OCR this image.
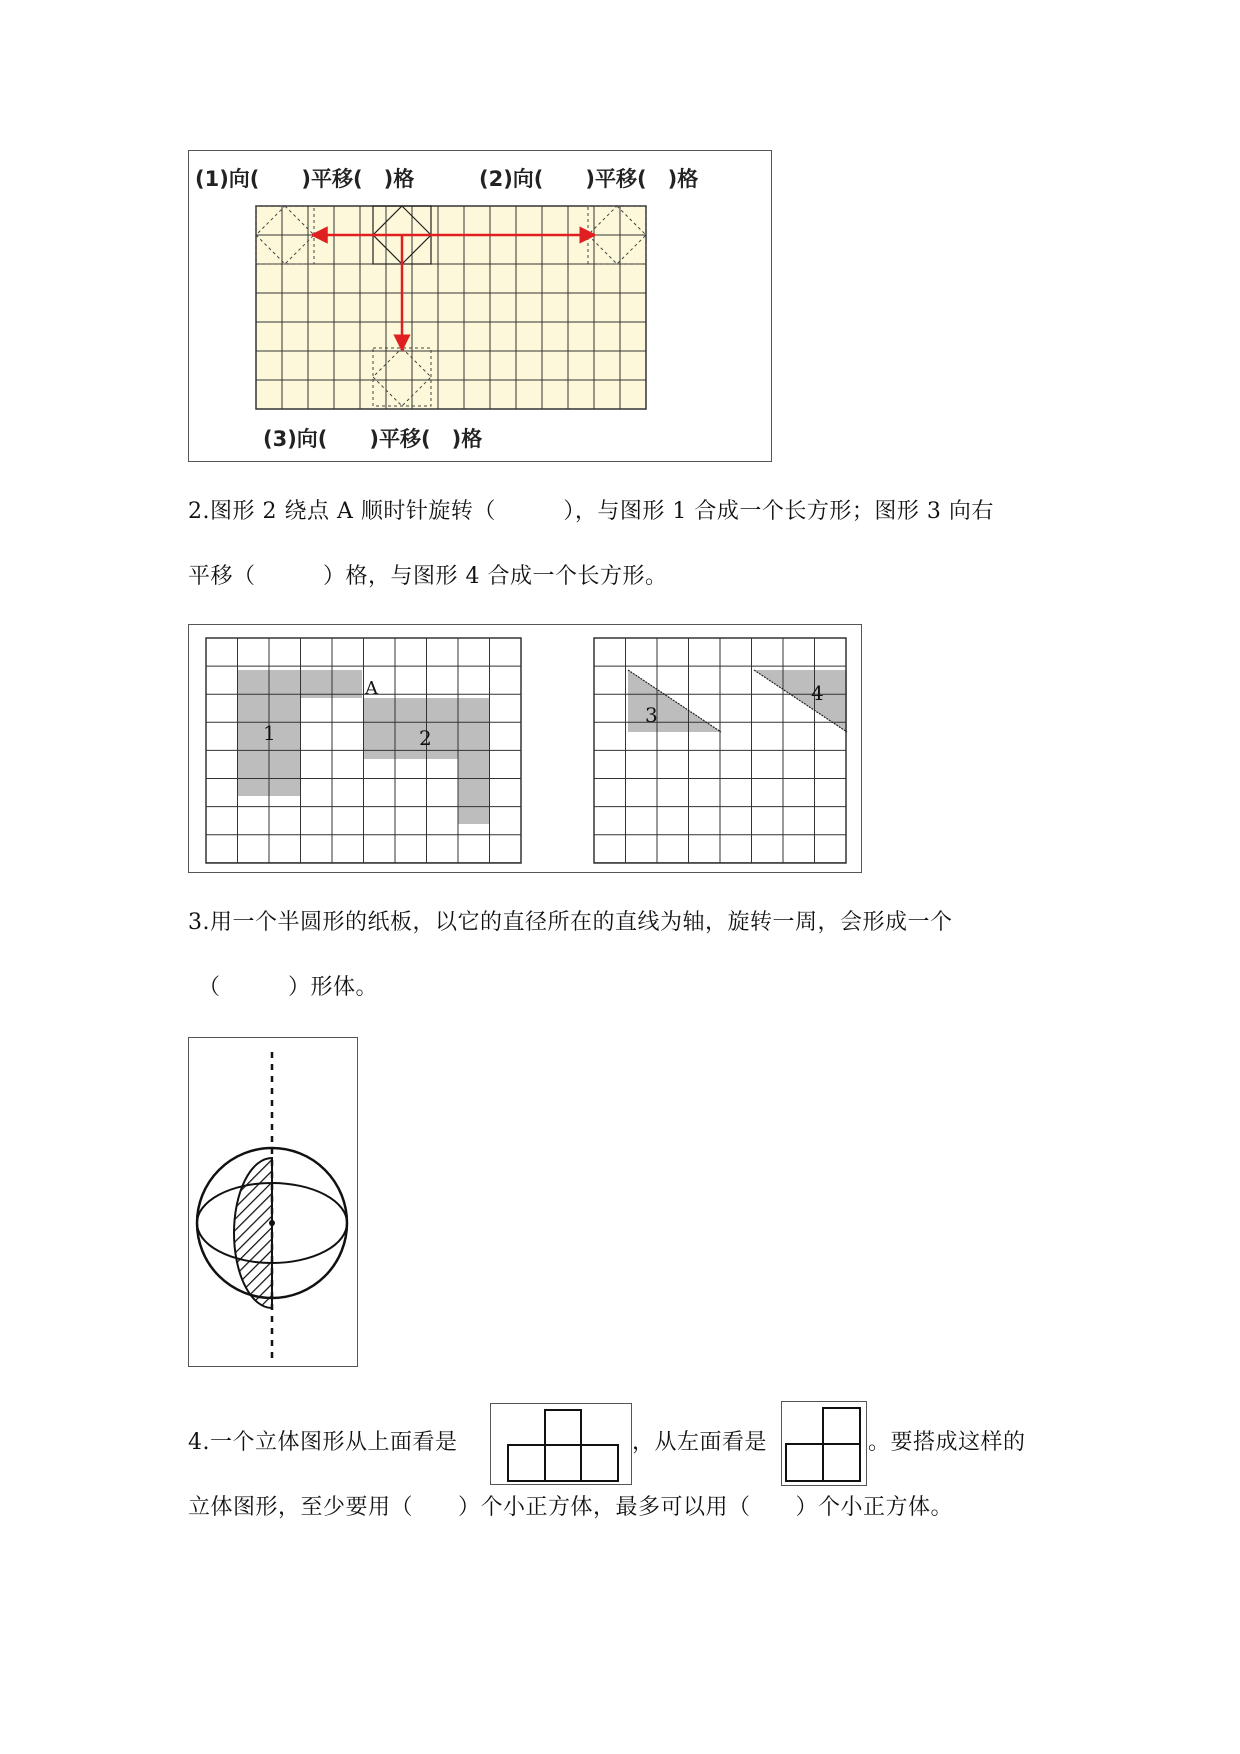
(1)向(　　)平移(　)格	(2)向(　　)平移(　)格
(3)向(　　)平移(　)格
2.图形 2 绕点 A 顺时针旋转（　　　），与图形 1 合成一个长方形；图形 3 向右
平移（　　　）格，与图形 4 合成一个长方形。
A
1	2
3
4
3.用一个半圆形的纸板，以它的直径所在的直线为轴，旋转一周，会形成一个
（　　　）形体。
4.一个立体图形从上面看是	，从左面看是	。要搭成这样的
立体图形，至少要用（　　）个小正方体，最多可以用（　　）个小正方体。
